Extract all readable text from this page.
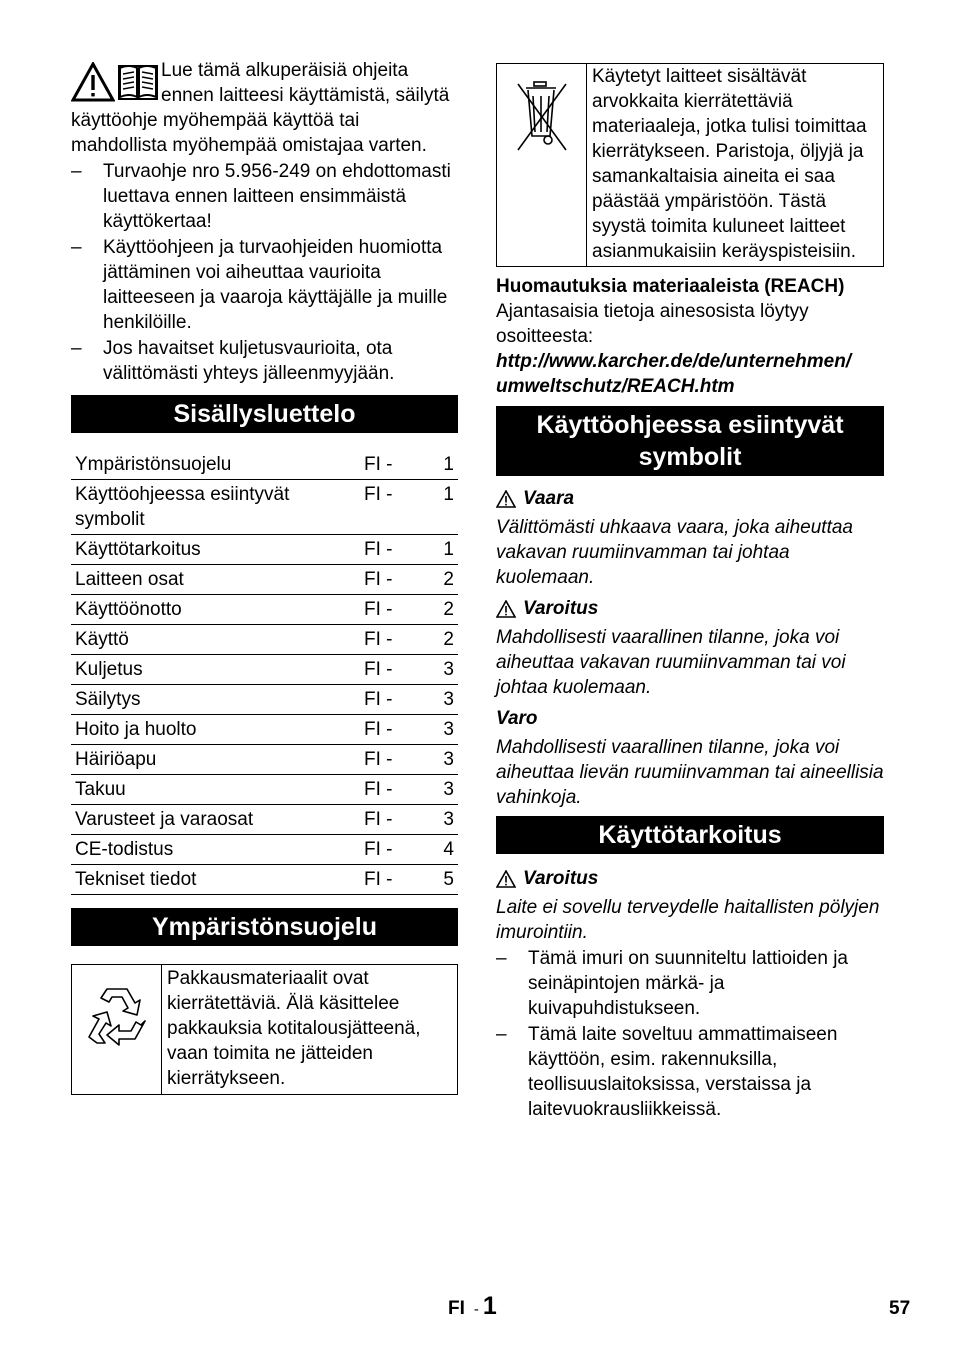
Lue tämä alkuperäisiä ohjeita ennen laitteesi käyttämistä, säilytä käyttöohje myöhempää käyttöä tai mahdollista myöhempää omistajaa varten.

– Turvaohje nro 5.956-249 on ehdottomasti luettava ennen laitteen ensimmäistä käyttökertaa!
– Käyttöohjeen ja turvaohjeiden huomiotta jättäminen voi aiheuttaa vaurioita laitteeseen ja vaaroja käyttäjälle ja muille henkilöille.
– Jos havaitset kuljetusvaurioita, ota välittömästi yhteys jälleenmyyjään.
Sisällysluettelo
Ympäristönsuojelu	FI -	1
Käyttöohjeessa esiintyvät symbolit	FI -	1
Käyttötarkoitus	FI -	1
Laitteen osat	FI -	2
Käyttöönotto	FI -	2
Käyttö	FI -	2
Kuljetus	FI -	3
Säilytys	FI -	3
Hoito ja huolto	FI -	3
Häiriöapu	FI -	3
Takuu	FI -	3
Varusteet ja varaosat	FI -	3
CE-todistus	FI -	4
Tekniset tiedot	FI -	5
Ympäristönsuojelu
Pakkausmateriaalit ovat kierrätettäviä. Älä käsittelee pakkauksia kotitalousjätteenä, vaan toimita ne jätteiden kierrätykseen.
Käytetyt laitteet sisältävät arvokkaita kierrätettäviä materiaaleja, jotka tulisi toimittaa kierrätykseen. Paristoja, öljyjä ja samankaltaisia aineita ei saa päästää ympäristöön. Tästä syystä toimita kuluneet laitteet asianmukaisiin keräyspisteisiin.

Huomautuksia materiaaleista (REACH)

Ajantasaisia tietoja ainesosista löytyy osoitteesta:

http://www.karcher.de/de/unternehmen/
umweltschutz/REACH.htm

Käyttöohjeessa esiintyvät
symbolit
Vaara

Välittömästi uhkaava vaara, joka aiheuttaa vakavan ruumiinvamman tai johtaa kuolemaan.

Varoitus

Mahdollisesti vaarallinen tilanne, joka voi aiheuttaa vakavan ruumiinvamman tai voi johtaa kuolemaan.

Varo

Mahdollisesti vaarallinen tilanne, joka voi aiheuttaa lievän ruumiinvamman tai aineellisia vahinkoja.

Käyttötarkoitus
Varoitus

Laite ei sovellu terveydelle haitallisten pölyjen imurointiin.

– Tämä imuri on suunniteltu lattioiden ja seinäpintojen märkä- ja kuivapuhdistukseen.
– Tämä laite soveltuu ammattimaiseen käyttöön, esim. rakennuksilla, teollisuuslaitoksissa, verstaissa ja laitevuokrausliikkeissä.
FI - 1	57
